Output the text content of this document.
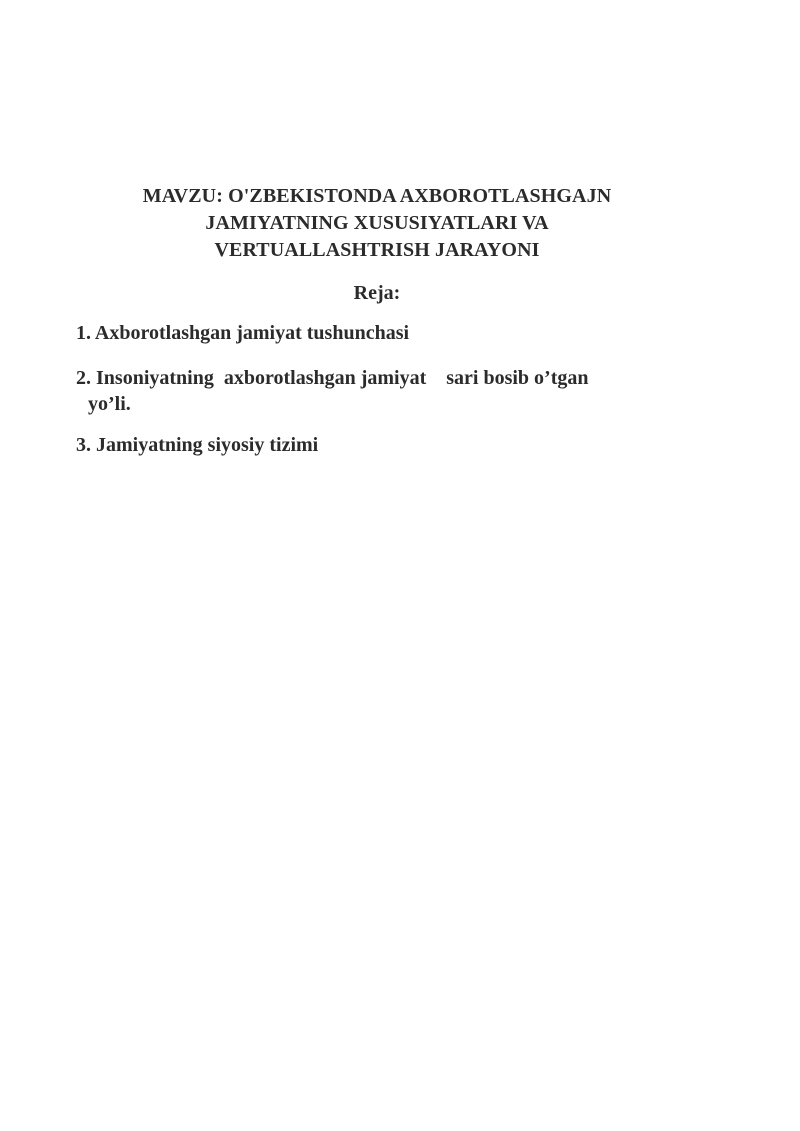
MAVZU: O'ZBEKISTONDA AXBOROTLASHGAJN
JAMIYATNING XUSUSIYATLARI VA
VERTUALLASHTRISH JARAYONI
Reja:
1. Axborotlashgan jamiyat tushunchasi
2. Insoniyatning  axborotlashgan jamiyat    sari bosib o’tgan
yo’li.
3. Jamiyatning siyosiy tizimi
